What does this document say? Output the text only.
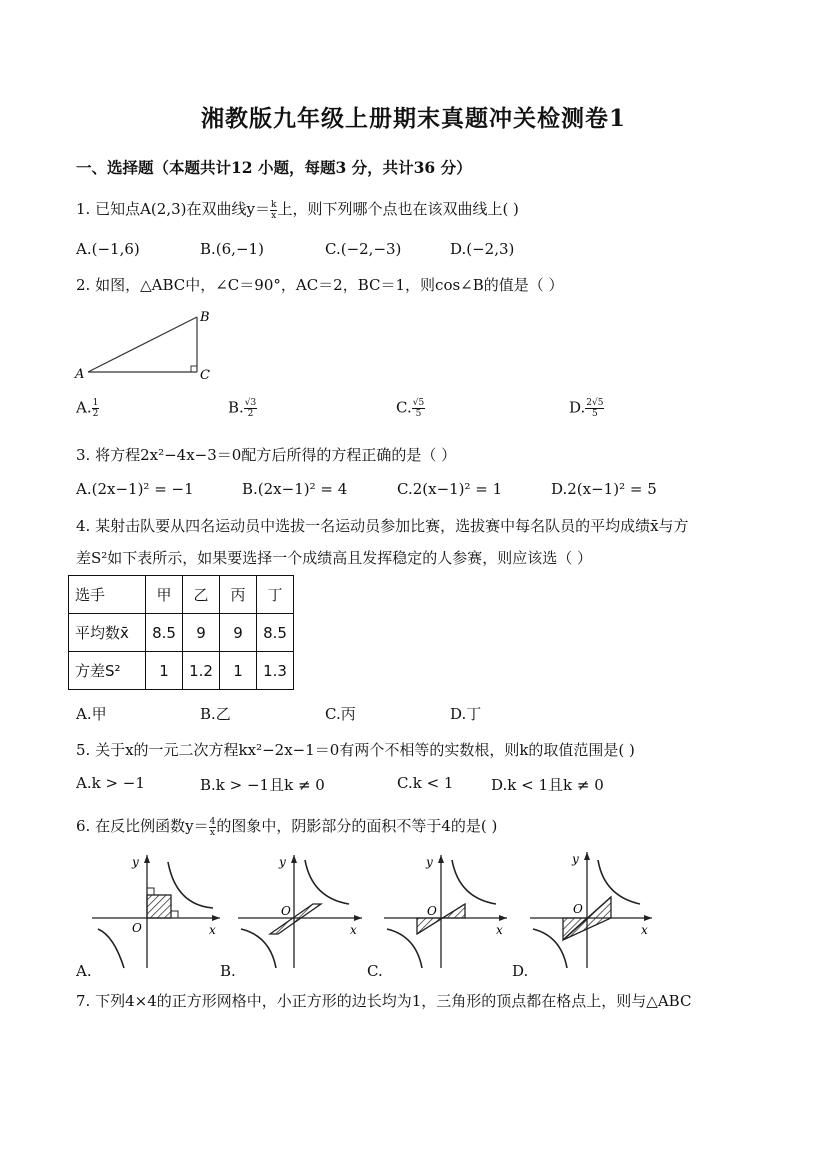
湘教版九年级上册期末真题冲关检测卷1
一、选择题（本题共计12 小题，每题3 分，共计36 分）
1. 已知点A(2,3)在双曲线$y= \frac{k}{x}$ 上，则下列哪个点也在该双曲线上( )
A.(−1,6)	B.(6,−1)	C.(−2,−3)	D.(−2,3)
2. 如图，△ABC中，∠C＝90°，AC＝2，BC＝1，则cos∠B的值是（ ）
A
B
C
A. $\frac{1}{2}$	B. $\frac{√3}{2}$	C. $\frac{√5}{5}$	D. $\frac{2√5}{5}$
3. 将方程2x²−4x−3＝0配方后所得的方程正确的是（ ）
A.(2x−1)² = −1	B.(2x−1)² = 4	C.2(x−1)² = 1	D.2(x−1)² = 5
4. 某射击队要从四名运动员中选拔一名运动员参加比赛，选拔赛中每名队员的平均成绩x̄与方
差S²如下表所示，如果要选择一个成绩高且发挥稳定的人参赛，则应该选（ ）
选手	甲	乙	丙	丁
平均数x̄	8.5	9	9	8.5
方差S²	1	1.2	1	1.3
A.甲	B.乙	C.丙	D.丁
5. 关于x的一元二次方程kx²−2x−1＝0有两个不相等的实数根，则k的取值范围是( )
A.k > −1	B.k > −1且k ≠ 0	C.k < 1	D.k < 1且k ≠ 0
6. 在反比例函数$y= \frac{4}{x}$ 的图象中，阴影部分的面积不等于4的是( )
y
x
O
y
x
O
y
x
O
y
x
O
A.	B.	C.	D.
7. 下列4×4的正方形网格中，小正方形的边长均为1，三角形的顶点都在格点上，则与△ABC
